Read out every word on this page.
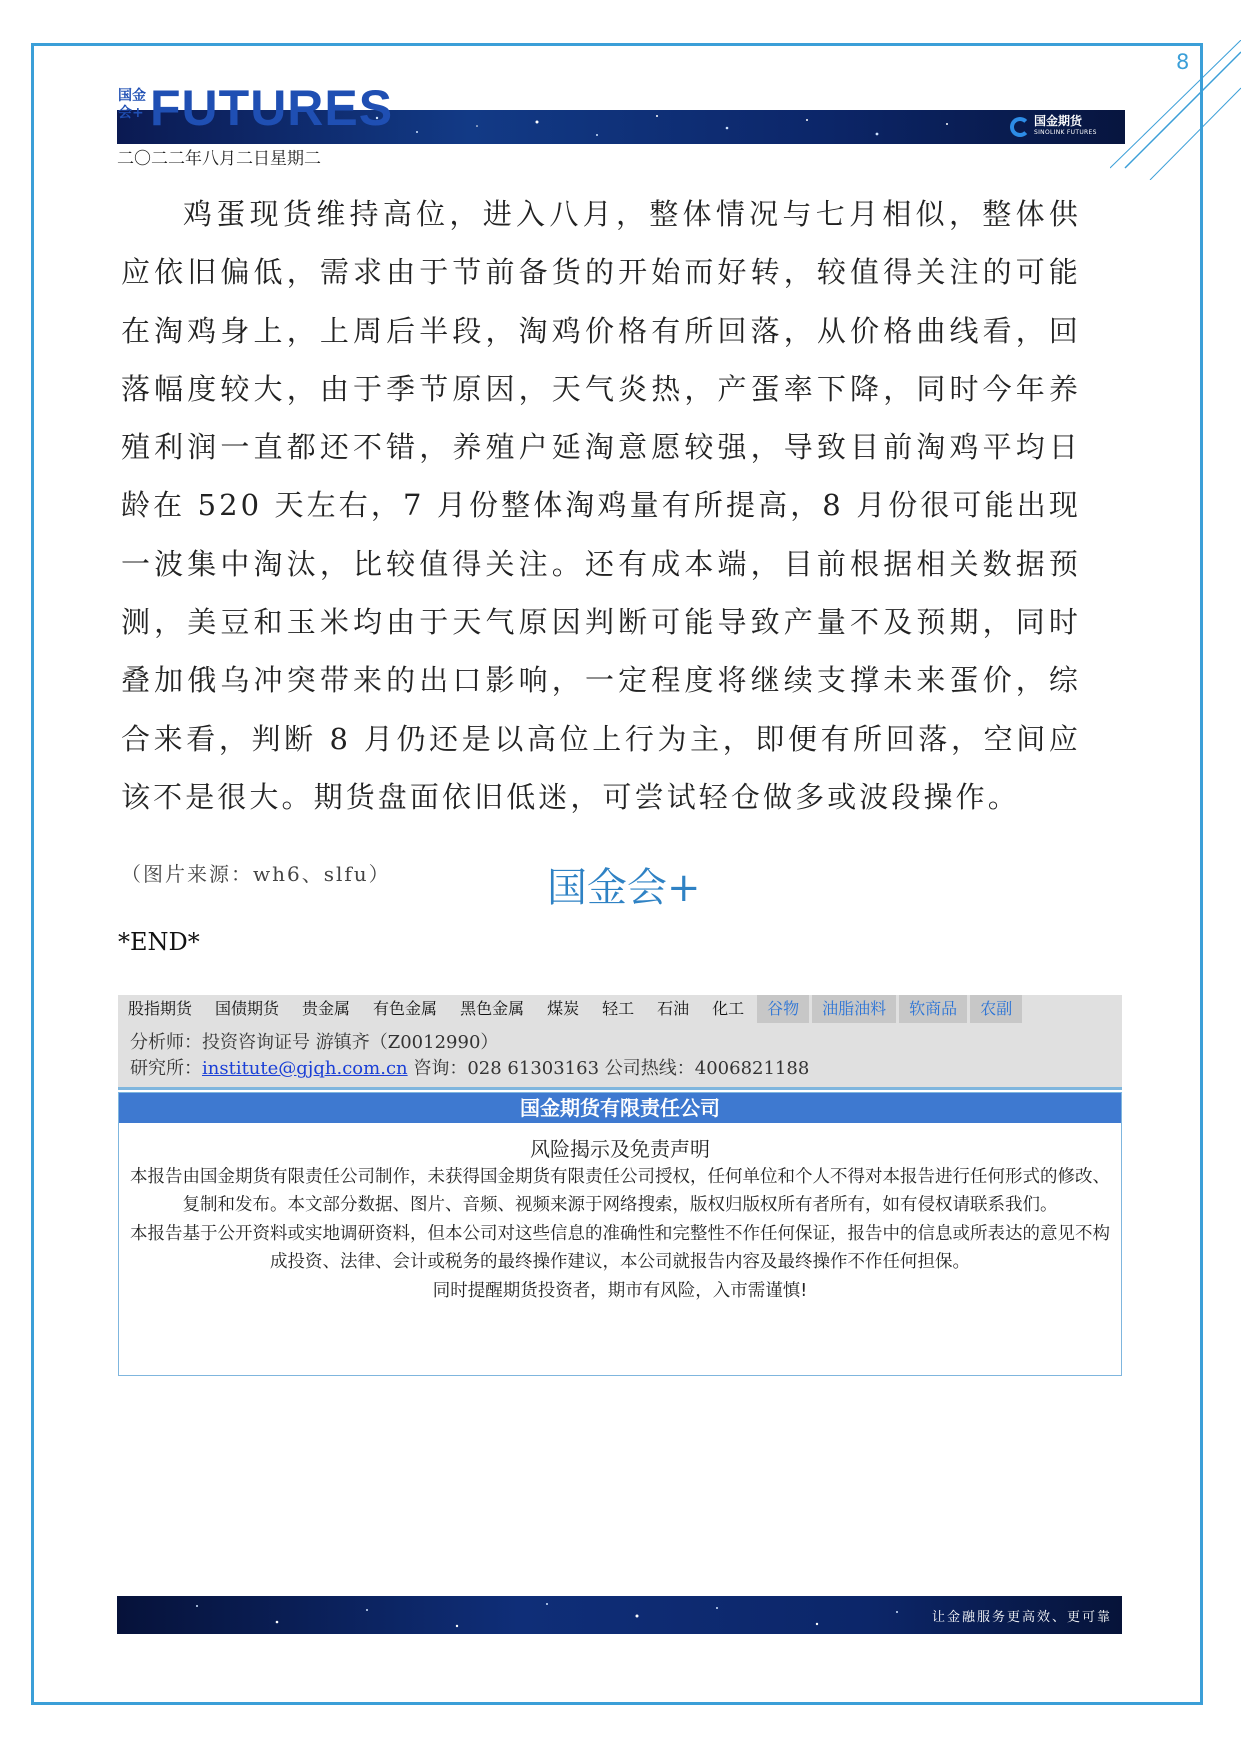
8
国金会+ FUTURES	国金期货
SINOLINK FUTURES
二〇二二年八月二日星期二

鸡蛋现货维持高位，进入八月，整体情况与七月相似，整体供应依旧偏低，需求由于节前备货的开始而好转，较值得关注的可能在淘鸡身上，上周后半段，淘鸡价格有所回落，从价格曲线看，回落幅度较大，由于季节原因，天气炎热，产蛋率下降，同时今年养殖利润一直都还不错，养殖户延淘意愿较强，导致目前淘鸡平均日龄在 520 天左右，7 月份整体淘鸡量有所提高，8 月份很可能出现一波集中淘汰，比较值得关注。还有成本端，目前根据相关数据预测，美豆和玉米均由于天气原因判断可能导致产量不及预期，同时叠加俄乌冲突带来的出口影响，一定程度将继续支撑未来蛋价，综合来看，判断 8 月仍还是以高位上行为主，即便有所回落，空间应该不是很大。期货盘面依旧低迷，可尝试轻仓做多或波段操作。

（图片来源：wh6、slfu）	国金会+
*END*
股指期货	国债期货	贵金属	有色金属	黑色金属	煤炭	轻工	石油	化工	谷物	油脂油料	软商品	农副
分析师：投资咨询证号 游镇齐（Z0012990）
研究所：institute@gjqh.com.cn 咨询：028 61303163 公司热线：4006821188
国金期货有限责任公司
风险揭示及免责声明

本报告由国金期货有限责任公司制作，未获得国金期货有限责任公司授权，任何单位和个人不得对本报告进行任何形式的修改、复制和发布。本文部分数据、图片、音频、视频来源于网络搜索，版权归版权所有者所有，如有侵权请联系我们。

本报告基于公开资料或实地调研资料，但本公司对这些信息的准确性和完整性不作任何保证，报告中的信息或所表达的意见不构成投资、法律、会计或税务的最终操作建议，本公司就报告内容及最终操作不作任何担保。

同时提醒期货投资者，期市有风险，入市需谨慎!

让金融服务更高效、更可靠
